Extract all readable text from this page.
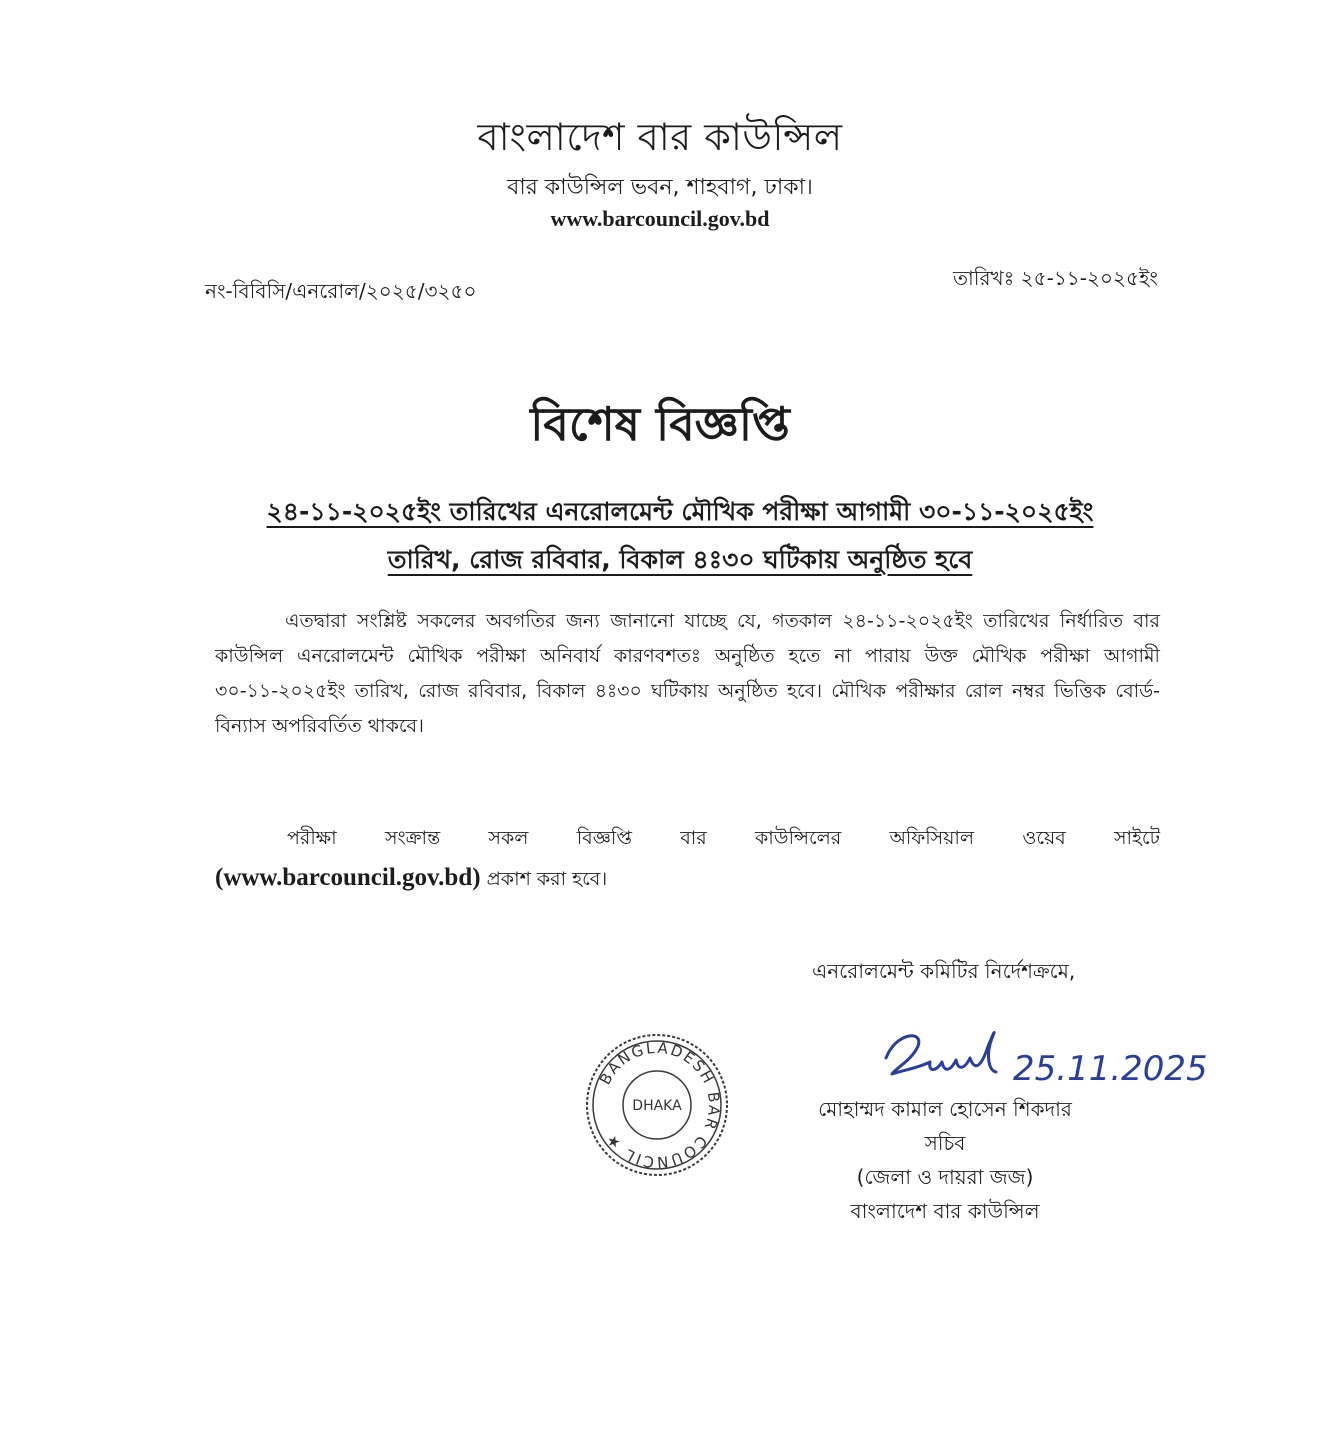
বাংলাদেশ বার কাউন্সিল
বার কাউন্সিল ভবন, শাহবাগ, ঢাকা।
www.barcouncil.gov.bd
নং-বিবিসি/এনরোল/২০২৫/৩২৫০
তারিখঃ ২৫-১১-২০২৫ইং
বিশেষ বিজ্ঞপ্তি
২৪-১১-২০২৫ইং তারিখের এনরোলমেন্ট মৌখিক পরীক্ষা আগামী ৩০-১১-২০২৫ইং
তারিখ, রোজ রবিবার, বিকাল ৪ঃ৩০ ঘটিকায় অনুষ্ঠিত হবে

এতদ্বারা সংশ্লিষ্ট সকলের অবগতির জন্য জানানো যাচ্ছে যে, গতকাল ২৪-১১-২০২৫ইং তারিখের নির্ধারিত বার কাউন্সিল এনরোলমেন্ট মৌখিক পরীক্ষা অনিবার্য কারণবশতঃ অনুষ্ঠিত হতে না পারায় উক্ত মৌখিক পরীক্ষা আগামী ৩০-১১-২০২৫ইং তারিখ, রোজ রবিবার, বিকাল ৪ঃ৩০ ঘটিকায় অনুষ্ঠিত হবে। মৌখিক পরীক্ষার রোল নম্বর ভিত্তিক বোর্ড-বিন্যাস অপরিবর্তিত থাকবে।

পরীক্ষা	সংক্রান্ত	সকল	বিজ্ঞপ্তি	বার	কাউন্সিলের	অফিসিয়াল	ওয়েব	সাইটে
(www.barcouncil.gov.bd) প্রকাশ করা হবে।
এনরোলমেন্ট কমিটির নির্দেশক্রমে,
BANGLADESH BAR COUNCIL ★
DHAKA
25.11.2025
মোহাম্মদ কামাল হোসেন শিকদার
সচিব
(জেলা ও দায়রা জজ)
বাংলাদেশ বার কাউন্সিল
